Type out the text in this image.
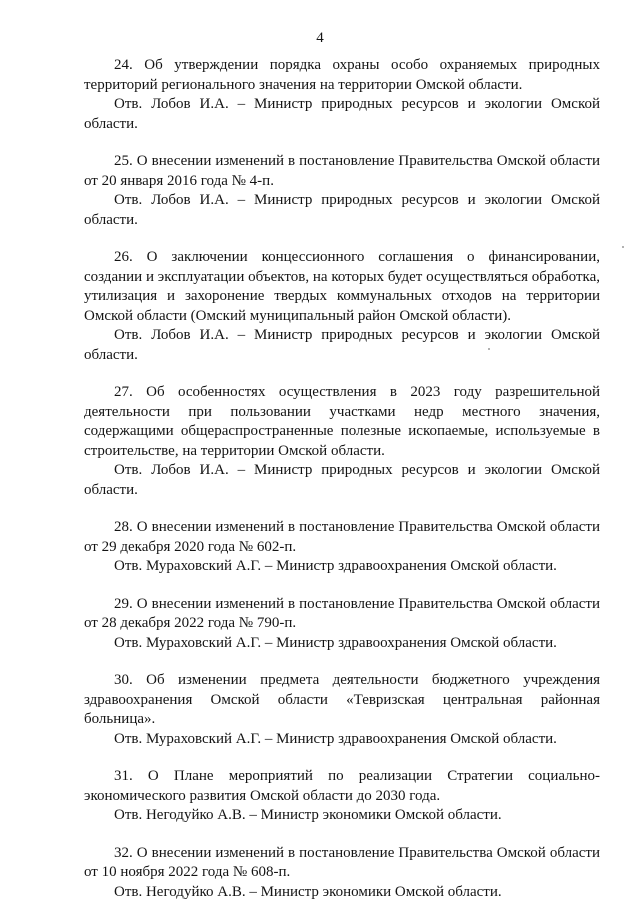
4

24. Об утверждении порядка охраны особо охраняемых природных территорий регионального значения на территории Омской области.

Отв. Лобов И.А. – Министр природных ресурсов и экологии Омской области.

25. О внесении изменений в постановление Правительства Омской области от 20 января 2016 года № 4-п.

Отв. Лобов И.А. – Министр природных ресурсов и экологии Омской области.

26. О заключении концессионного соглашения о финансировании, создании и эксплуатации объектов, на которых будет осуществляться обработка, утилизация и захоронение твердых коммунальных отходов на территории Омской области (Омский муниципальный район Омской области).

Отв. Лобов И.А. – Министр природных ресурсов и экологии Омской области.

27. Об особенностях осуществления в 2023 году разрешительной деятельности при пользовании участками недр местного значения, содержащими общераспространенные полезные ископаемые, используемые в строительстве, на территории Омской области.

Отв. Лобов И.А. – Министр природных ресурсов и экологии Омской области.

28. О внесении изменений в постановление Правительства Омской области от 29 декабря 2020 года № 602-п.

Отв. Мураховский А.Г. – Министр здравоохранения Омской области.

29. О внесении изменений в постановление Правительства Омской области от 28 декабря 2022 года № 790-п.

Отв. Мураховский А.Г. – Министр здравоохранения Омской области.

30. Об изменении предмета деятельности бюджетного учреждения здравоохранения Омской области «Тевризская центральная районная больница».

Отв. Мураховский А.Г. – Министр здравоохранения Омской области.

31. О Плане мероприятий по реализации Стратегии социально-экономического развития Омской области до 2030 года.

Отв. Негодуйко А.В. – Министр экономики Омской области.

32. О внесении изменений в постановление Правительства Омской области от 10 ноября 2022 года № 608-п.

Отв. Негодуйко А.В. – Министр экономики Омской области.
